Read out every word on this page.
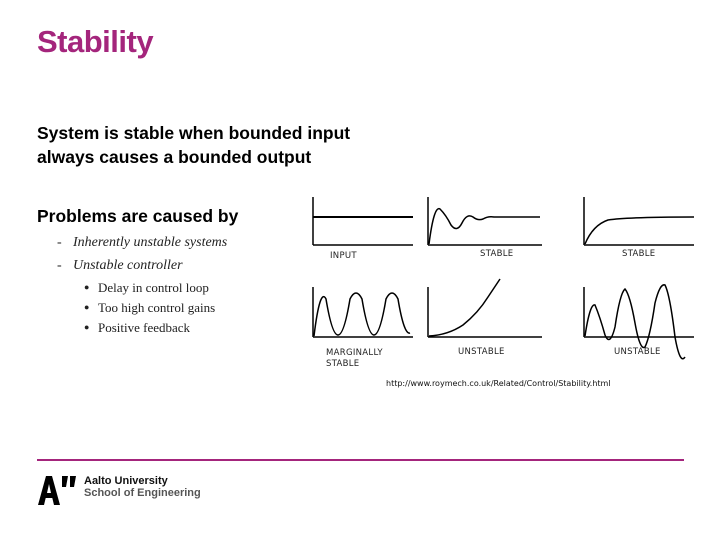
Stability
System is stable when bounded input
always causes a bounded output
Problems are caused by
- Inherently unstable systems
- Unstable controller
● Delay in control loop
● Too high control gains
● Positive feedback
INPUT	STABLE	STABLE
MARGINALLY
STABLE
UNSTABLE	UNSTABLE
http://www.roymech.co.uk/Related/Control/Stability.html
Aalto University
School of Engineering
